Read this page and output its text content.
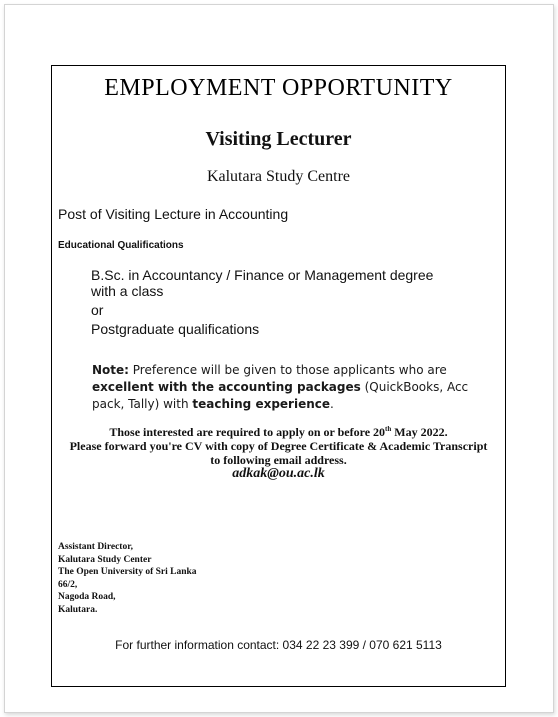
EMPLOYMENT OPPORTUNITY
Visiting Lecturer
Kalutara Study Centre
Post of Visiting Lecture in Accounting
Educational Qualifications
B.Sc. in Accountancy / Finance or Management degree with a class
or
Postgraduate qualifications
Note: Preference will be given to those applicants who are excellent with the accounting packages (QuickBooks, Acc pack, Tally) with teaching experience.
Those interested are required to apply on or before 20th May 2022.
Please forward you're CV with copy of Degree Certificate & Academic Transcript
to following email address.
adkak@ou.ac.lk
Assistant Director,
Kalutara Study Center
The Open University of Sri Lanka
66/2,
Nagoda Road,
Kalutara.
For further information contact: 034 22 23 399 / 070 621 5113
